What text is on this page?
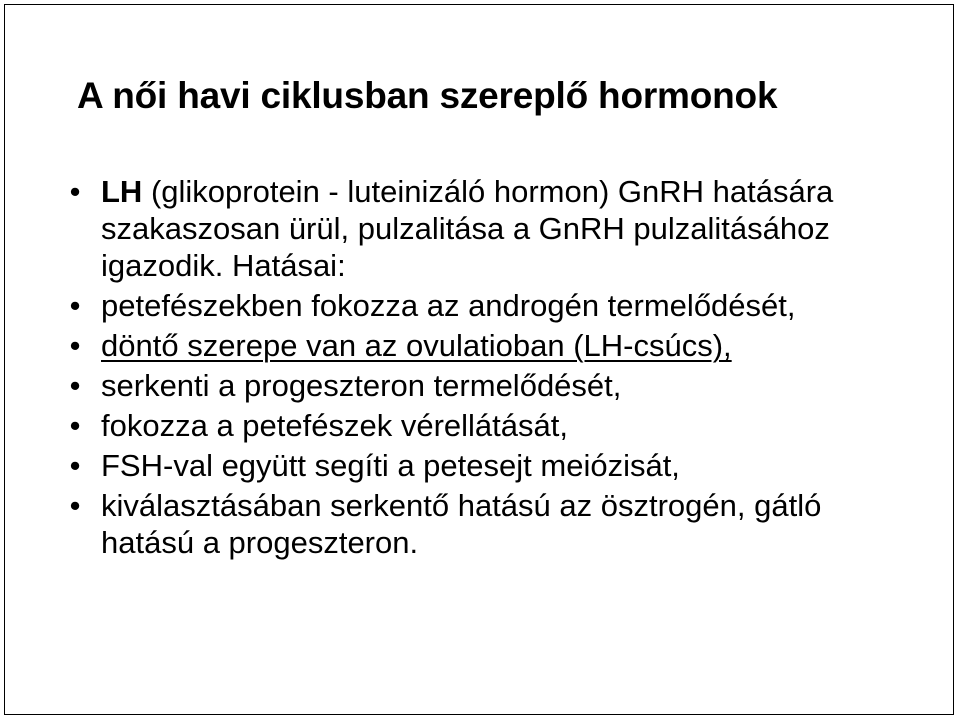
A női havi ciklusban szereplő hormonok
• LH (glikoprotein - luteinizáló hormon) GnRH hatására szakaszosan ürül, pulzalitása a GnRH pulzalitásához igazodik. Hatásai:
• petefészekben fokozza az androgén termelődését,
• döntő szerepe van az ovulatioban (LH-csúcs),
• serkenti a progeszteron termelődését,
• fokozza a petefészek vérellátását,
• FSH-val együtt segíti a petesejt meiózisát,
• kiválasztásában serkentő hatású az ösztrogén, gátló hatású a progeszteron.
